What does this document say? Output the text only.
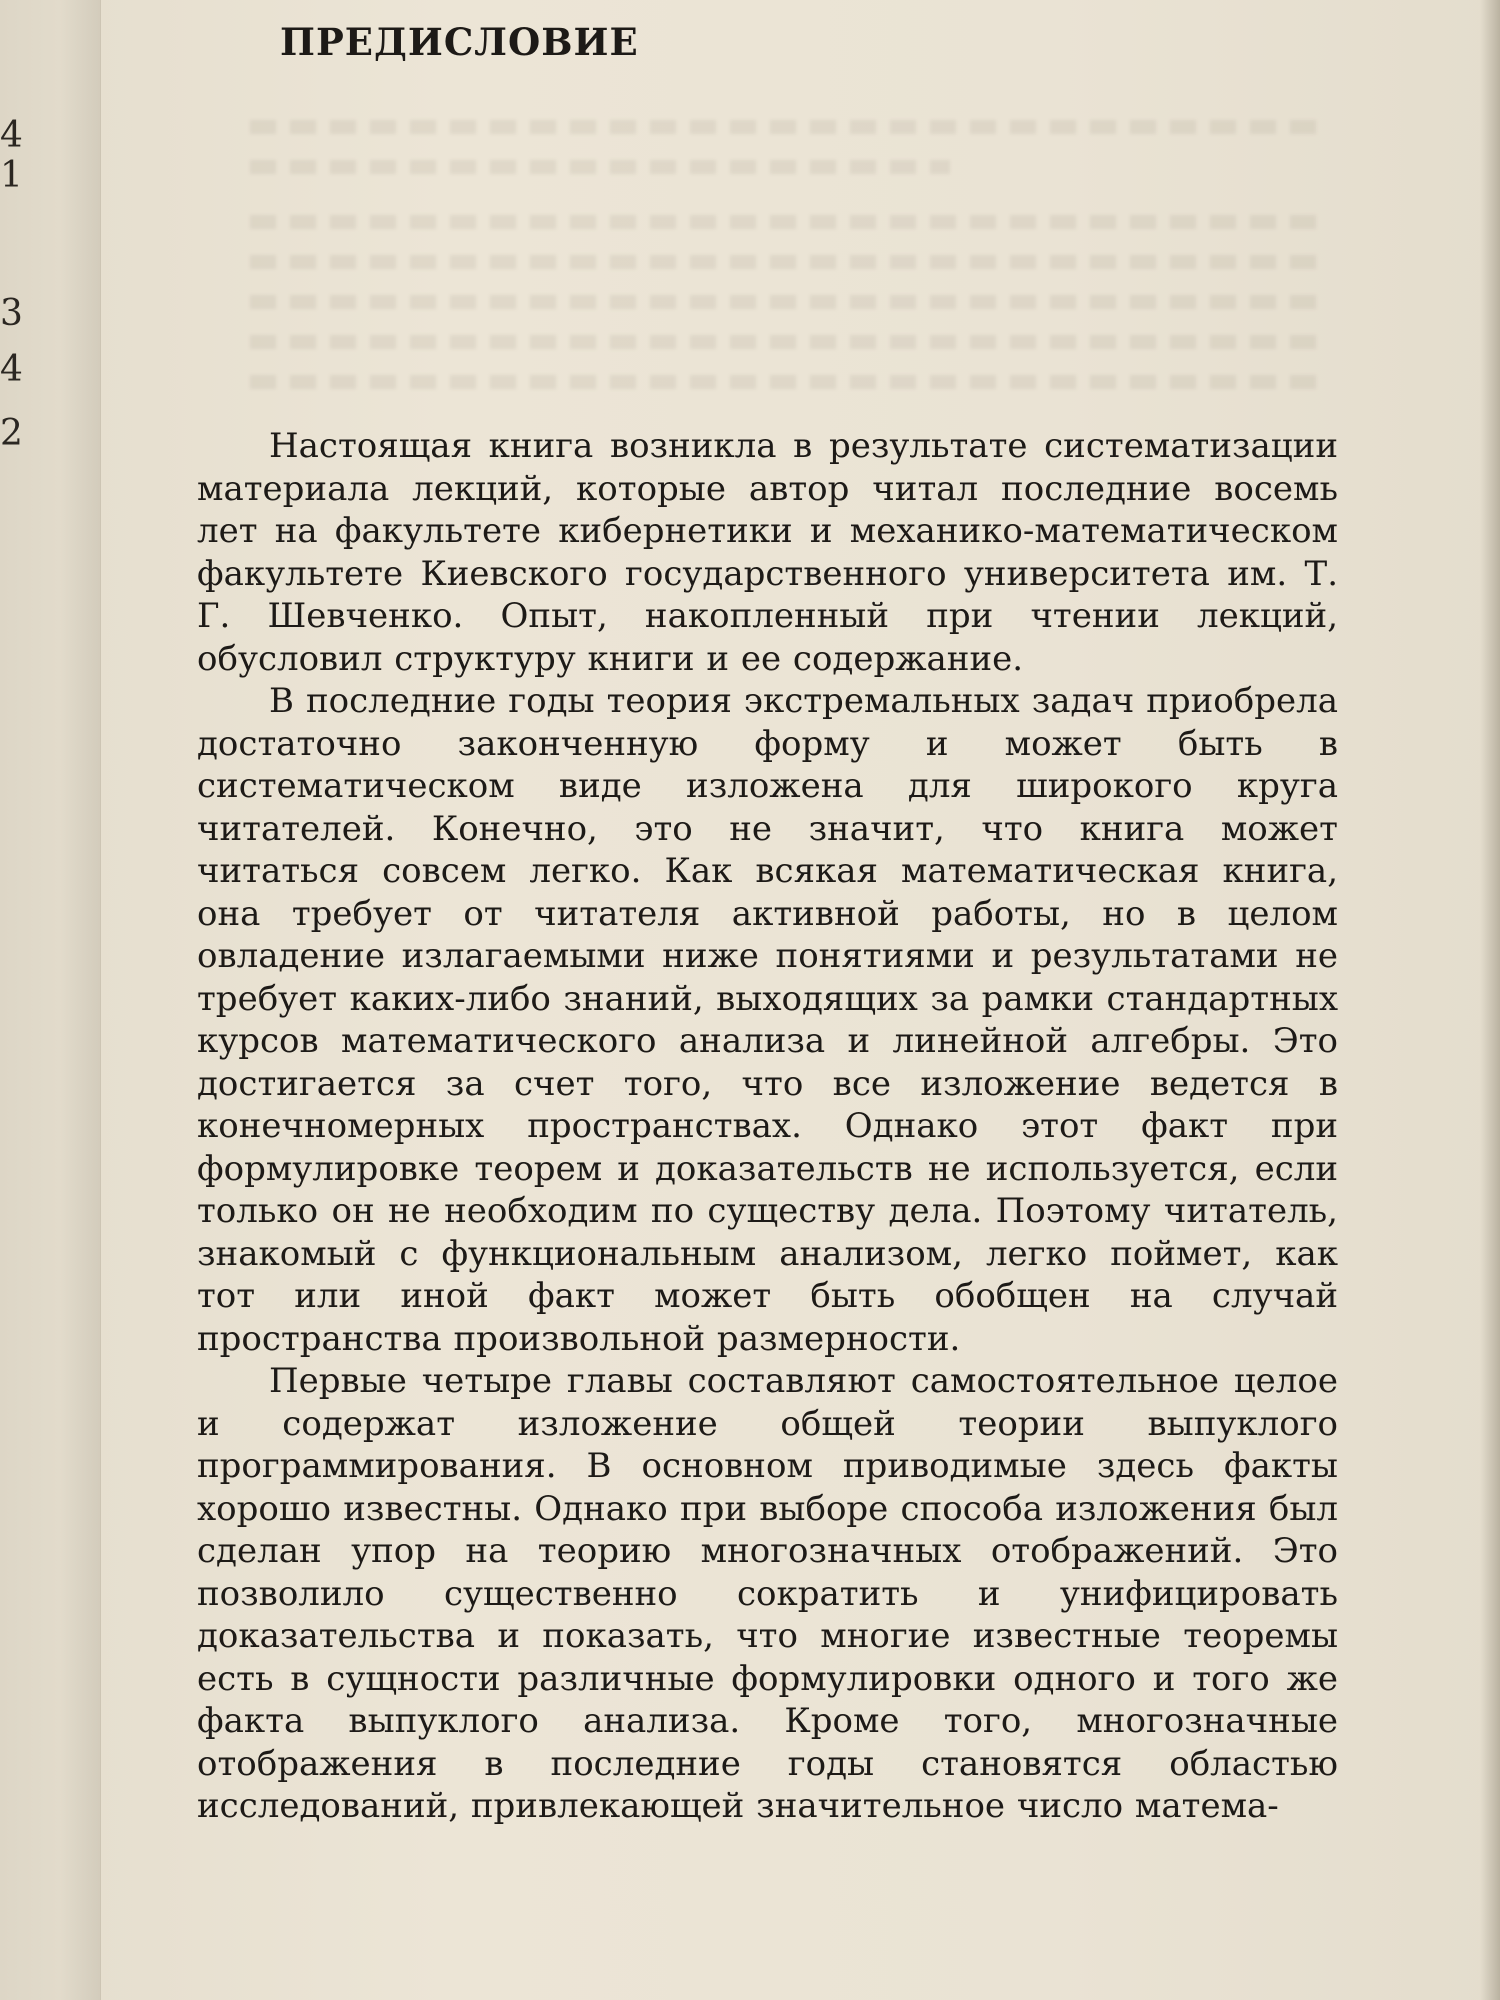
4
1
3
4
2
ПРЕДИСЛОВИЕ

Настоящая книга возникла в результате систематизации материала лекций, которые автор читал последние восемь лет на факультете кибернетики и механико-математическом факультете Киевского государственного университета им. Т. Г. Шевченко. Опыт, накопленный при чтении лекций, обусловил структуру книги и ее содержание.

В последние годы теория экстремальных задач приобрела достаточно законченную форму и может быть в систематическом виде изложена для широкого круга читателей. Конечно, это не значит, что книга может читаться совсем легко. Как всякая математическая книга, она требует от читателя активной работы, но в целом овладение излагаемыми ниже понятиями и результатами не требует каких-либо знаний, выходящих за рамки стандартных курсов математического анализа и линейной алгебры. Это достигается за счет того, что все изложение ведется в конечномерных пространствах. Однако этот факт при формулировке теорем и доказательств не используется, если только он не необходим по существу дела. Поэтому читатель, знакомый с функциональным анализом, легко поймет, как тот или иной факт может быть обобщен на случай пространства произвольной размерности.

Первые четыре главы составляют самостоятельное целое и содержат изложение общей теории выпуклого программирования. В основном приводимые здесь факты хорошо известны. Однако при выборе способа изложения был сделан упор на теорию многозначных отображений. Это позволило существенно сократить и унифицировать доказательства и показать, что многие известные теоремы есть в сущности различные формулировки одного и того же факта выпуклого анализа. Кроме того, многозначные отображения в последние годы становятся областью исследований, привлекающей значительное число матема-
